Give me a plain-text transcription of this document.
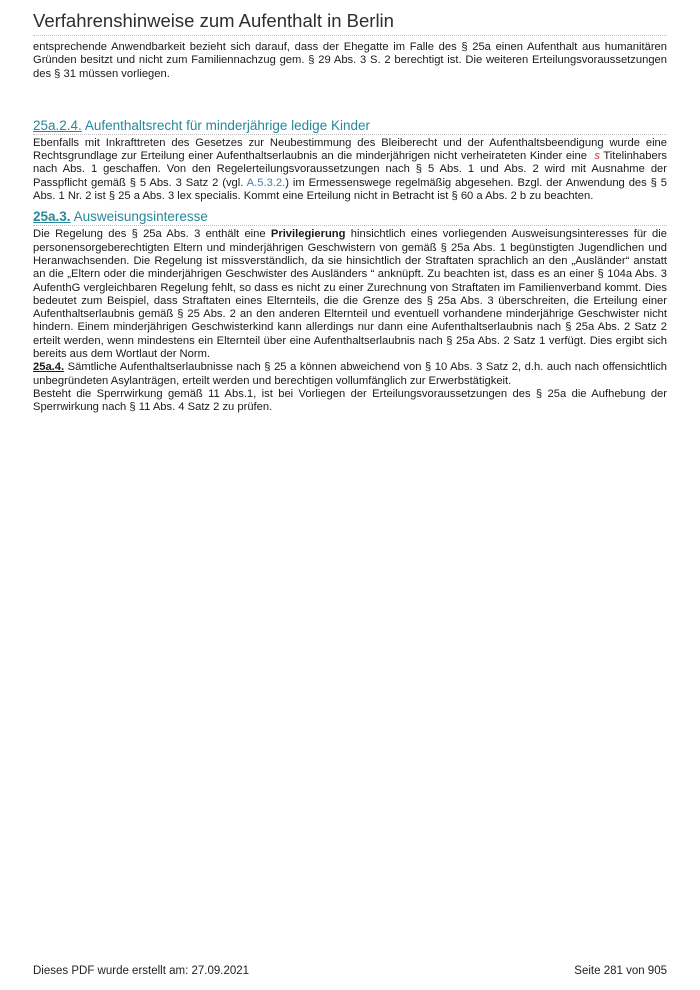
Verfahrenshinweise zum Aufenthalt in Berlin

entsprechende Anwendbarkeit bezieht sich darauf, dass der Ehegatte im Falle des § 25a einen Aufenthalt aus humanitären Gründen besitzt und nicht zum Familiennachzug gem. § 29 Abs. 3 S. 2 berechtigt ist. Die weiteren Erteilungsvoraussetzungen des § 31 müssen vorliegen.

25a.2.4. Aufenthaltsrecht für minderjährige ledige Kinder

Ebenfalls mit Inkrafttreten des Gesetzes zur Neubestimmung des Bleiberecht und der Aufenthaltsbeendigung wurde eine Rechtsgrundlage zur Erteilung einer Aufenthaltserlaubnis an die minderjährigen nicht verheirateten Kinder eine s Titelinhabers nach Abs. 1 geschaffen. Von den Regelerteilungsvoraussetzungen nach § 5 Abs. 1 und Abs. 2 wird mit Ausnahme der Passpflicht gemäß § 5 Abs. 3 Satz 2 (vgl. A.5.3.2.) im Ermessenswege regelmäßig abgesehen. Bzgl. der Anwendung des § 5 Abs. 1 Nr. 2 ist § 25 a Abs. 3 lex specialis. Kommt eine Erteilung nicht in Betracht ist § 60 a Abs. 2 b zu beachten.

25a.3. Ausweisungsinteresse

Die Regelung des § 25a Abs. 3 enthält eine Privilegierung hinsichtlich eines vorliegenden Ausweisungsinteresses für die personensorgeberechtigten Eltern und minderjährigen Geschwistern von gemäß § 25a Abs. 1 begünstigten Jugendlichen und Heranwachsenden. Die Regelung ist missverständlich, da sie hinsichtlich der Straftaten sprachlich an den „Ausländer“ anstatt an die „Eltern oder die minderjährigen Geschwister des Ausländers “ anknüpft. Zu beachten ist, dass es an einer § 104a Abs. 3 AufenthG vergleichbaren Regelung fehlt, so dass es nicht zu einer Zurechnung von Straftaten im Familienverband kommt. Dies bedeutet zum Beispiel, dass Straftaten eines Elternteils, die die Grenze des § 25a Abs. 3 überschreiten, die Erteilung einer Aufenthaltserlaubnis gemäß § 25 Abs. 2 an den anderen Elternteil und eventuell vorhandene minderjährige Geschwister nicht hindern. Einem minderjährigen Geschwisterkind kann allerdings nur dann eine Aufenthaltserlaubnis nach § 25a Abs. 2 Satz 2 erteilt werden, wenn mindestens ein Elternteil über eine Aufenthaltserlaubnis nach § 25a Abs. 2 Satz 1 verfügt. Dies ergibt sich bereits aus dem Wortlaut der Norm.

25a.4. Sämtliche Aufenthaltserlaubnisse nach § 25 a können abweichend von § 10 Abs. 3 Satz 2, d.h. auch nach offensichtlich unbegründeten Asylanträgen, erteilt werden und berechtigen vollumfänglich zur Erwerbstätigkeit.

Besteht die Sperrwirkung gemäß 11 Abs.1, ist bei Vorliegen der Erteilungsvoraussetzungen des § 25a die Aufhebung der Sperrwirkung nach § 11 Abs. 4 Satz 2 zu prüfen.

Dieses PDF wurde erstellt am: 27.09.2021	Seite 281 von 905
